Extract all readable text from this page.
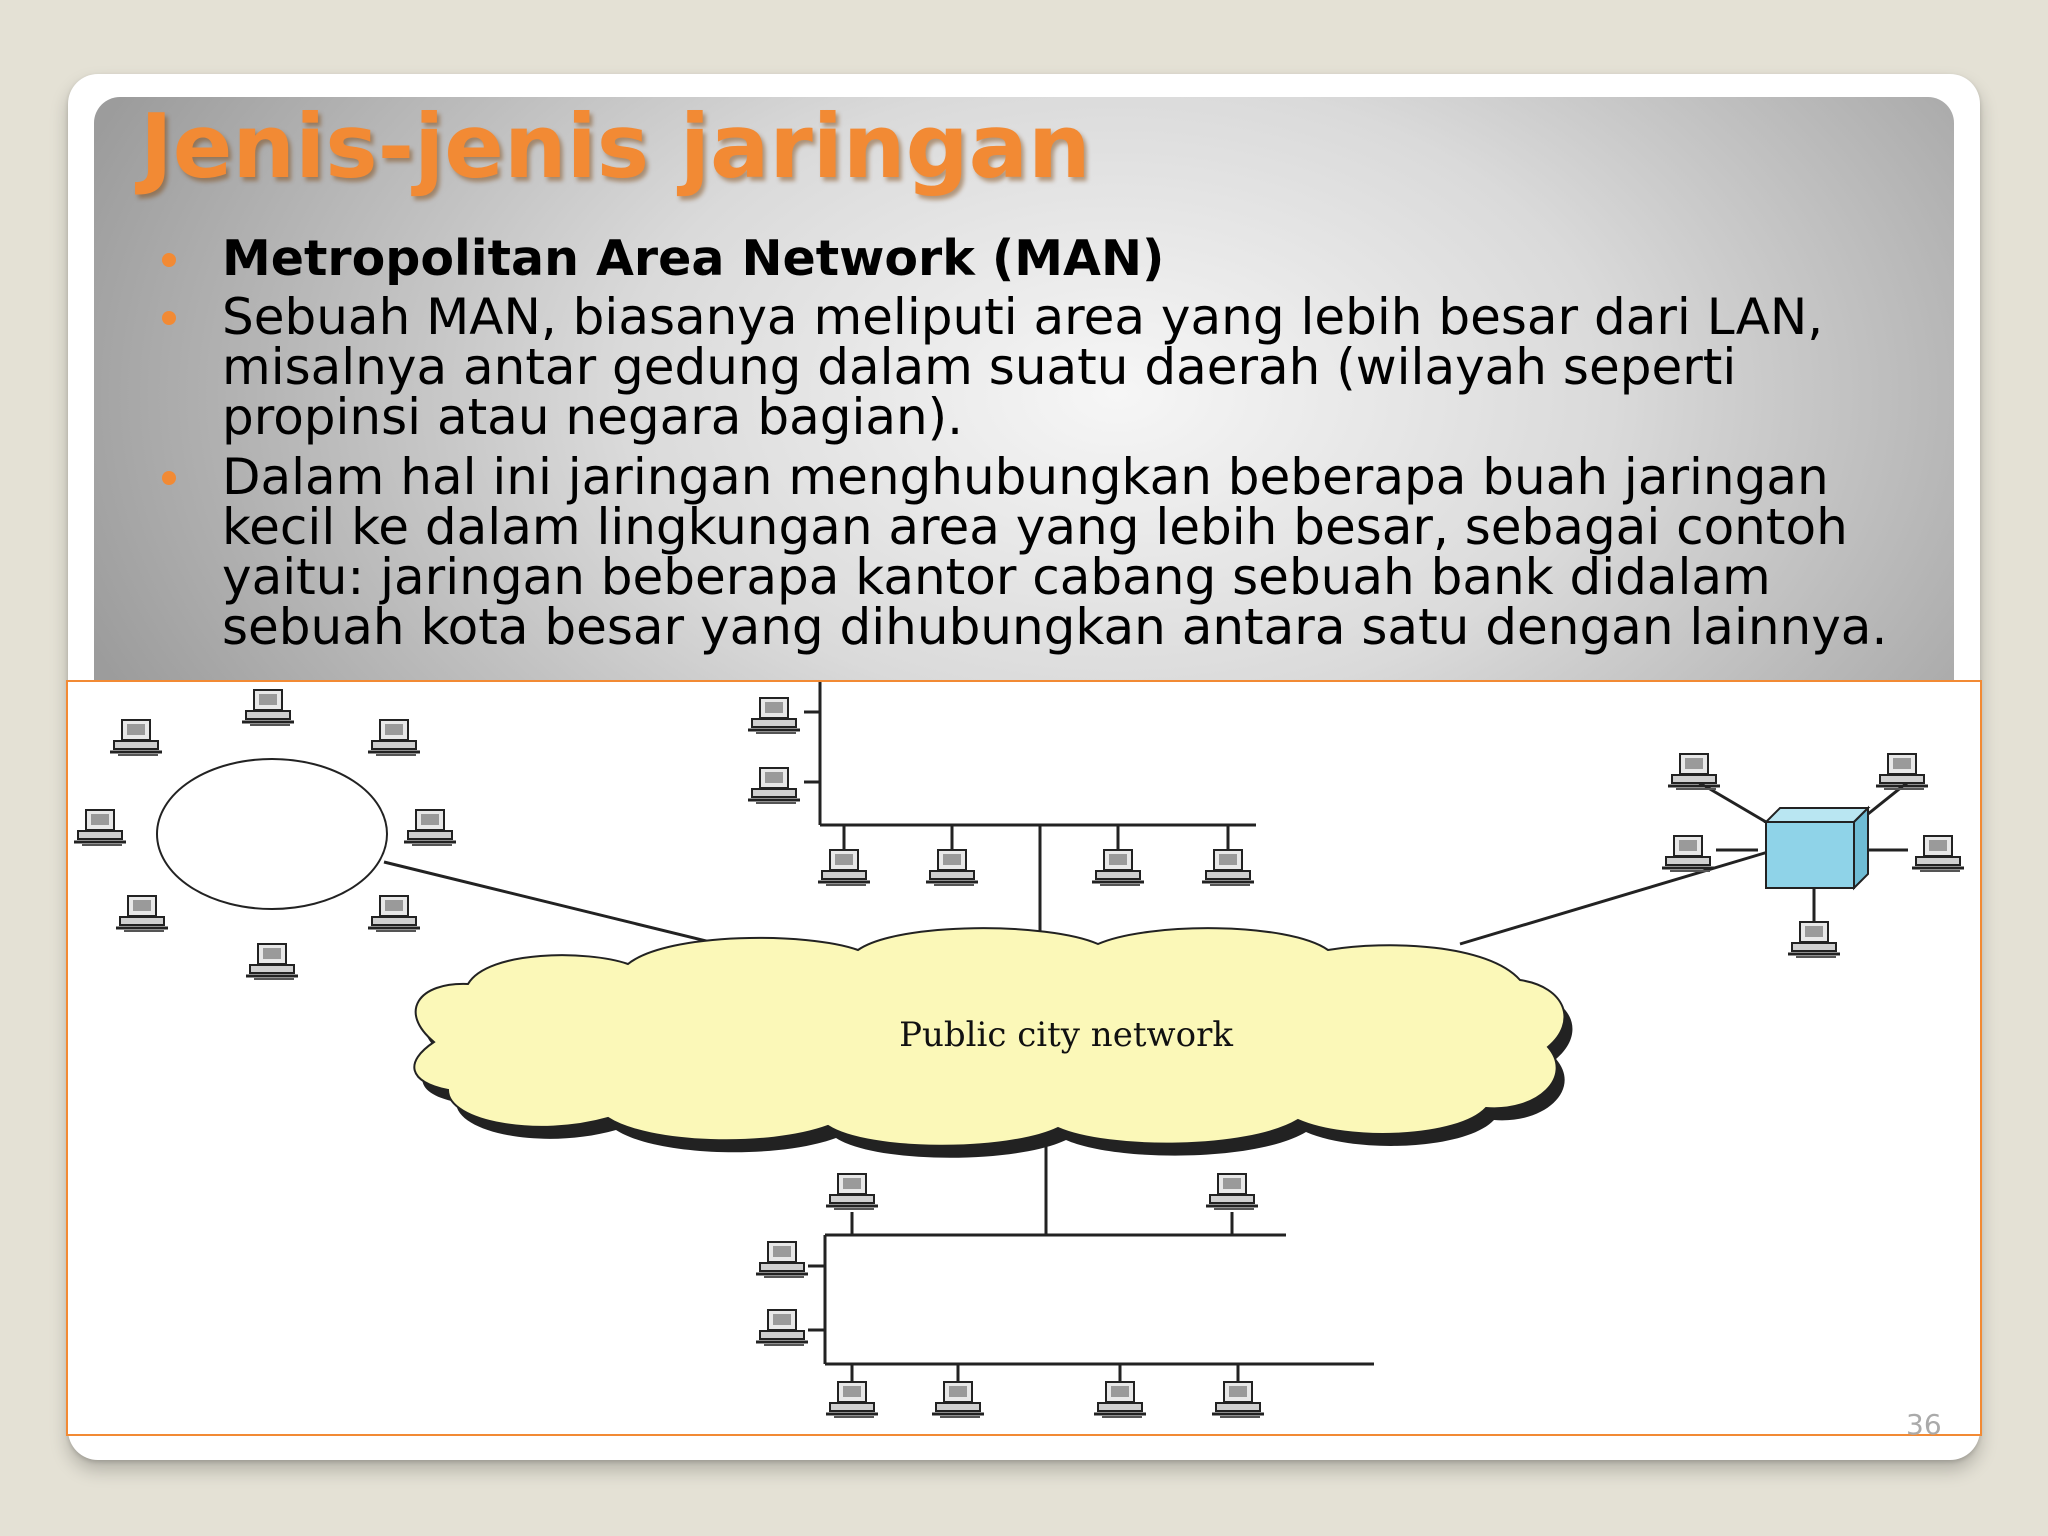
Jenis-jenis jaringan
Metropolitan Area Network (MAN)
Sebuah MAN, biasanya meliputi area yang lebih besar dari LAN, misalnya antar gedung dalam suatu daerah (wilayah seperti propinsi atau negara bagian).
Dalam hal ini jaringan menghubungkan beberapa buah jaringan kecil ke dalam lingkungan area yang lebih besar, sebagai contoh yaitu: jaringan beberapa kantor cabang sebuah bank didalam sebuah kota besar yang dihubungkan antara satu dengan lainnya.
Public city network
36
